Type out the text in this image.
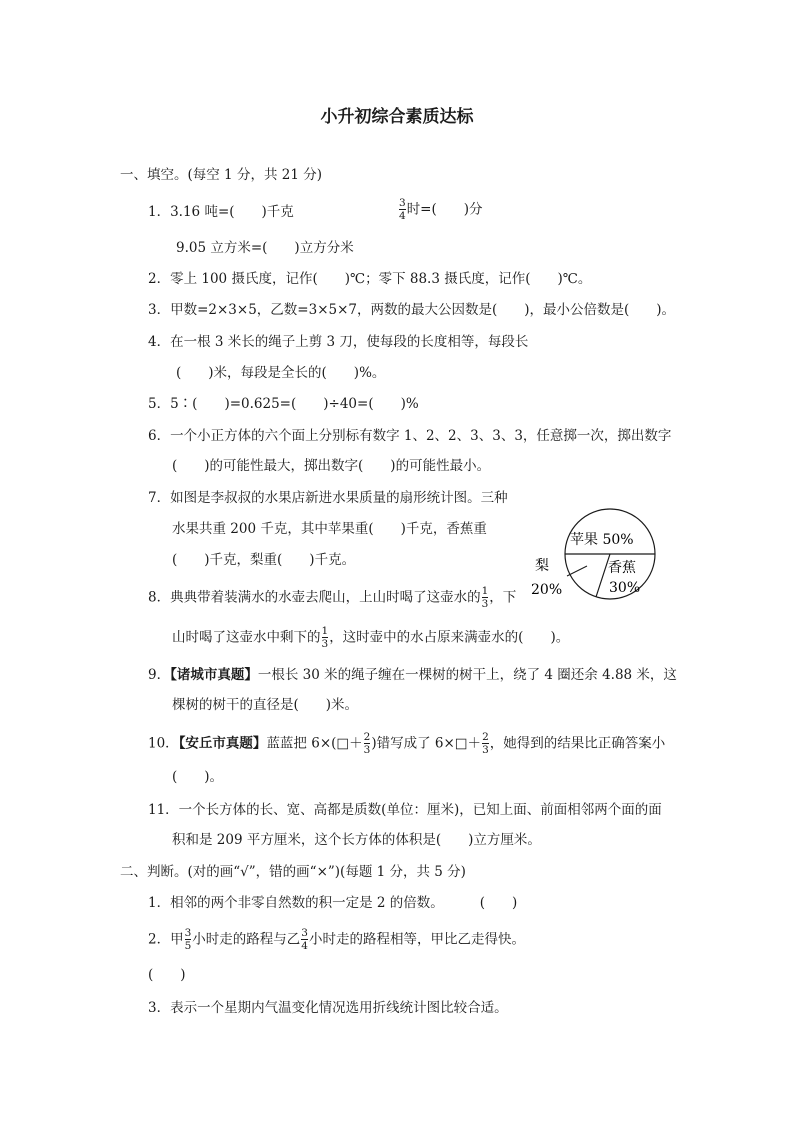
小升初综合素质达标
一、填空。(每空 1 分，共 21 分)
1．3.16 吨=(　　)千克	$\frac{3}{4}$ 时=(　　)分
9.05 立方米=(　　)立方分米
2．零上 100 摄氏度，记作(　　)℃；零下 88.3 摄氏度，记作(　　)℃。
3．甲数=2×3×5，乙数=3×5×7，两数的最大公因数是(　　)，最小公倍数是(　　)。
4．在一根 3 米长的绳子上剪 3 刀，使每段的长度相等，每段长
(　　)米，每段是全长的(　　)%。
5．5∶(　　)=0.625=(　　)÷40=(　　)%
6．一个小正方体的六个面上分别标有数字 1、2、2、3、3、3，任意掷一次，掷出数字
(　　)的可能性最大，掷出数字(　　)的可能性最小。
7．如图是李叔叔的水果店新进水果质量的扇形统计图。三种
水果共重 200 千克，其中苹果重(　　)千克，香蕉重
(　　)千克，梨重(　　)千克。
苹果 50%
香蕉
30%
梨
20%
8．典典带着装满水的水壶去爬山，上山时喝了这壶水的 $\frac{1}{3}$ ，下
山时喝了这壶水中剩下的 $\frac{1}{3}$ ，这时壶中的水占原来满壶水的(　　)。
9．【诸城市真题】一根长 30 米的绳子缠在一棵树的树干上，绕了 4 圈还余 4.88 米，这
棵树的树干的直径是(　　)米。
10．【安丘市真题】蓝蓝把 6×(□＋ $\frac{2}{3}$ )错写成了 6×□＋ $\frac{2}{3}$ ，她得到的结果比正确答案小
(　　)。
11．一个长方体的长、宽、高都是质数(单位：厘米)，已知上面、前面相邻两个面的面
积和是 209 平方厘米，这个长方体的体积是(　　)立方厘米。
二、判断。(对的画“√”，错的画“×”)(每题 1 分，共 5 分)
1．相邻的两个非零自然数的积一定是 2 的倍数。	(　　)
2．甲 $\frac{3}{5}$ 小时走的路程与乙 $\frac{3}{4}$ 小时走的路程相等，甲比乙走得快。
(　　)
3．表示一个星期内气温变化情况选用折线统计图比较合适。
